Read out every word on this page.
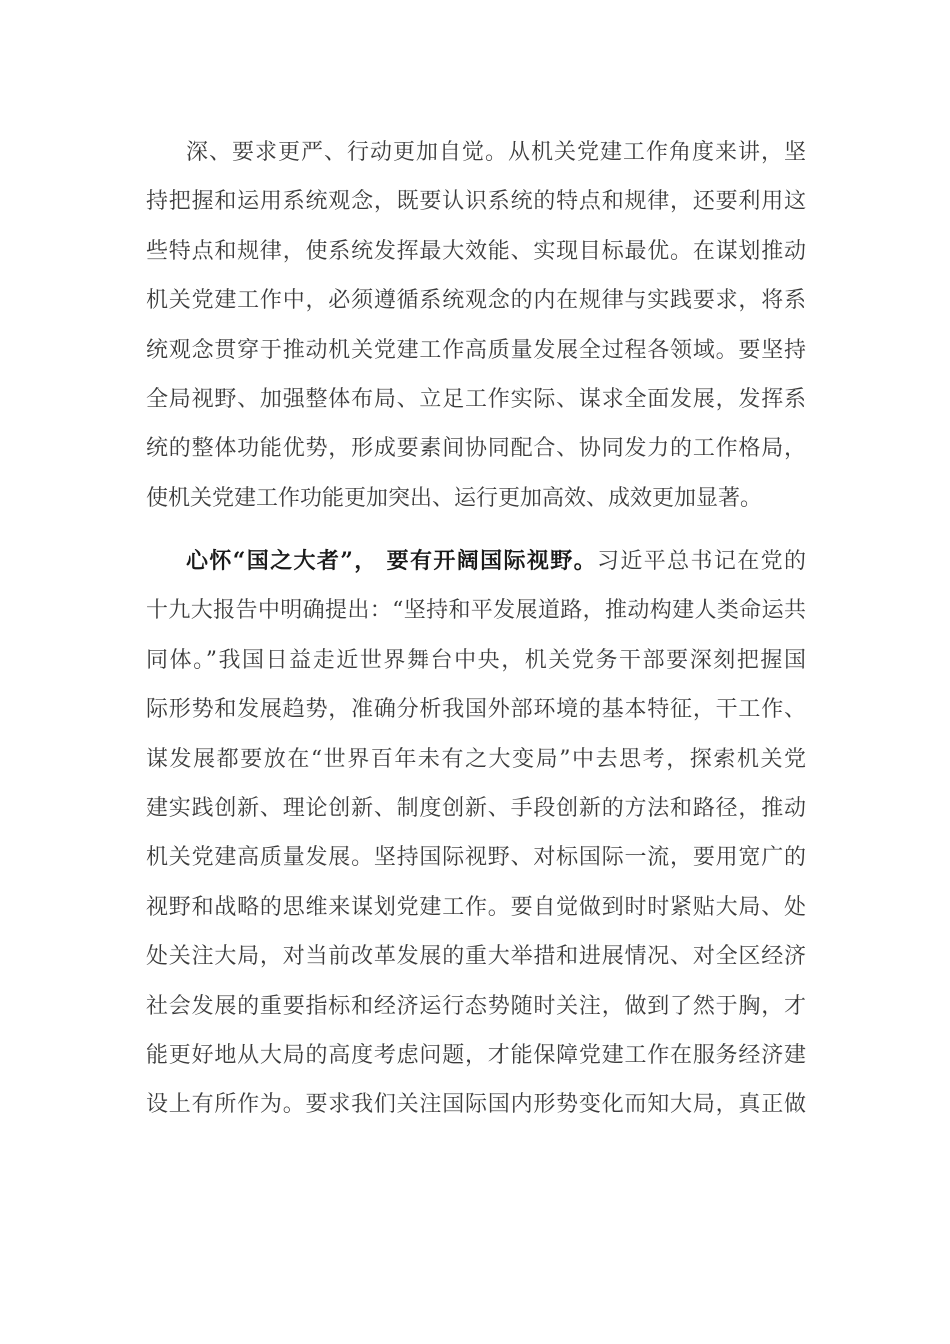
深、要求更严、行动更加自觉。从机关党建工作角度来讲，坚
持把握和运用系统观念，既要认识系统的特点和规律，还要利用这
些特点和规律，使系统发挥最大效能、实现目标最优。在谋划推动
机关党建工作中，必须遵循系统观念的内在规律与实践要求，将系
统观念贯穿于推动机关党建工作高质量发展全过程各领域。要坚持
全局视野、加强整体布局、立足工作实际、谋求全面发展，发挥系
统的整体功能优势，形成要素间协同配合、协同发力的工作格局，
使机关党建工作功能更加突出、运行更加高效、成效更加显著。
心怀“国之大者”， 要有开阔国际视野。习近平总书记在党的
十九大报告中明确提出：“坚持和平发展道路，推动构建人类命运共
同体。”我国日益走近世界舞台中央，机关党务干部要深刻把握国
际形势和发展趋势，准确分析我国外部环境的基本特征，干工作、
谋发展都要放在“世界百年未有之大变局”中去思考，探索机关党
建实践创新、理论创新、制度创新、手段创新的方法和路径，推动
机关党建高质量发展。坚持国际视野、对标国际一流，要用宽广的
视野和战略的思维来谋划党建工作。要自觉做到时时紧贴大局、处
处关注大局，对当前改革发展的重大举措和进展情况、对全区经济
社会发展的重要指标和经济运行态势随时关注，做到了然于胸，才
能更好地从大局的高度考虑问题，才能保障党建工作在服务经济建
设上有所作为。要求我们关注国际国内形势变化而知大局，真正做
